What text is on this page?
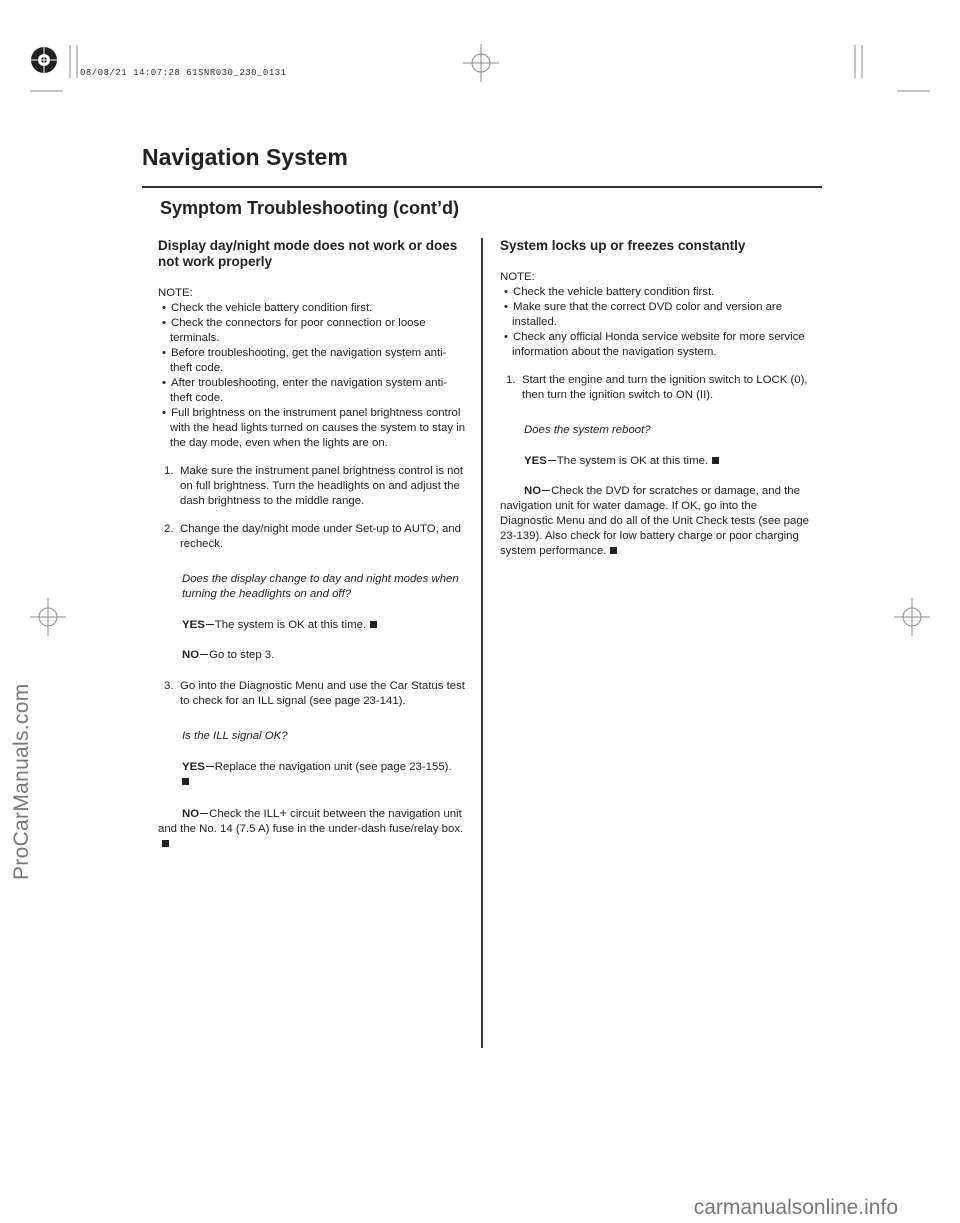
08/08/21 14:07:28 61SNR030_230_0131
ProCarManuals.com
carmanualsonline.info
Navigation System
Symptom Troubleshooting (cont’d)
Display day/night mode does not work or does not work properly
NOTE:
• Check the vehicle battery condition first.
• Check the connectors for poor connection or loose terminals.
• Before troubleshooting, get the navigation system anti-theft code.
• After troubleshooting, enter the navigation system anti-theft code.
• Full brightness on the instrument panel brightness control with the head lights turned on causes the system to stay in the day mode, even when the lights are on.
1. Make sure the instrument panel brightness control is not on full brightness. Turn the headlights on and adjust the dash brightness to the middle range.
2. Change the day/night mode under Set-up to AUTO, and recheck.
Does the display change to day and night modes when turning the headlights on and off?
YES The system is OK at this time.
NO Go to step 3.
3. Go into the Diagnostic Menu and use the Car Status test to check for an ILL signal (see page 23-141).
Is the ILL signal OK?
YES Replace the navigation unit (see page 23-155).

NO Check the ILL+ circuit between the navigation unit and the No. 14 (7.5 A) fuse in the under-dash fuse/relay box.
System locks up or freezes constantly
NOTE:
• Check the vehicle battery condition first.
• Make sure that the correct DVD color and version are installed.
• Check any official Honda service website for more service information about the navigation system.
1. Start the engine and turn the ignition switch to LOCK (0), then turn the ignition switch to ON (II).
Does the system reboot?
YES The system is OK at this time.
NO Check the DVD for scratches or damage, and the navigation unit for water damage. If OK, go into the Diagnostic Menu and do all of the Unit Check tests (see page 23-139). Also check for low battery charge or poor charging system performance.
